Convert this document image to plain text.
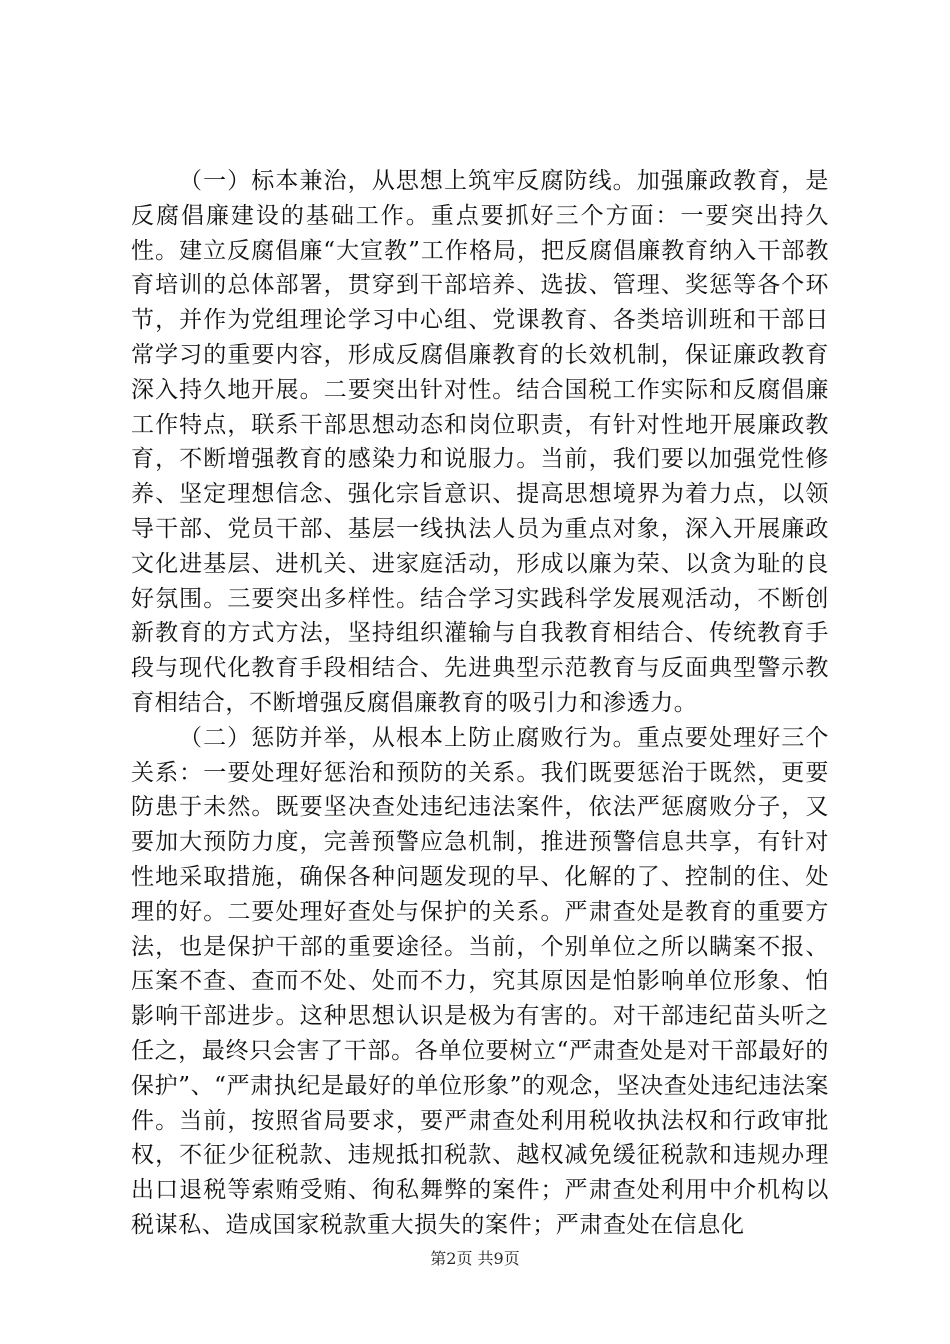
（一）标本兼治，从思想上筑牢反腐防线。加强廉政教育，是反腐倡廉建设的基础工作。重点要抓好三个方面：一要突出持久性。建立反腐倡廉“大宣教”工作格局，把反腐倡廉教育纳入干部教育培训的总体部署，贯穿到干部培养、选拔、管理、奖惩等各个环节，并作为党组理论学习中心组、党课教育、各类培训班和干部日常学习的重要内容，形成反腐倡廉教育的长效机制，保证廉政教育深入持久地开展。二要突出针对性。结合国税工作实际和反腐倡廉工作特点，联系干部思想动态和岗位职责，有针对性地开展廉政教育，不断增强教育的感染力和说服力。当前，我们要以加强党性修养、坚定理想信念、强化宗旨意识、提高思想境界为着力点，以领导干部、党员干部、基层一线执法人员为重点对象，深入开展廉政文化进基层、进机关、进家庭活动，形成以廉为荣、以贪为耻的良好氛围。三要突出多样性。结合学习实践科学发展观活动，不断创新教育的方式方法，坚持组织灌输与自我教育相结合、传统教育手段与现代化教育手段相结合、先进典型示范教育与反面典型警示教育相结合，不断增强反腐倡廉教育的吸引力和渗透力。

（二）惩防并举，从根本上防止腐败行为。重点要处理好三个关系：一要处理好惩治和预防的关系。我们既要惩治于既然，更要防患于未然。既要坚决查处违纪违法案件，依法严惩腐败分子，又要加大预防力度，完善预警应急机制，推进预警信息共享，有针对性地采取措施，确保各种问题发现的早、化解的了、控制的住、处理的好。二要处理好查处与保护的关系。严肃查处是教育的重要方法，也是保护干部的重要途径。当前，个别单位之所以瞒案不报、压案不查、查而不处、处而不力，究其原因是怕影响单位形象、怕影响干部进步。这种思想认识是极为有害的。对干部违纪苗头听之任之，最终只会害了干部。各单位要树立“严肃查处是对干部最好的保护”、“严肃执纪是最好的单位形象”的观念，坚决查处违纪违法案件。当前，按照省局要求，要严肃查处利用税收执法权和行政审批权，不征少征税款、违规抵扣税款、越权减免缓征税款和违规办理出口退税等索贿受贿、徇私舞弊的案件；严肃查处利用中介机构以税谋私、造成国家税款重大损失的案件；严肃查处在信息化

第2页 共9页
